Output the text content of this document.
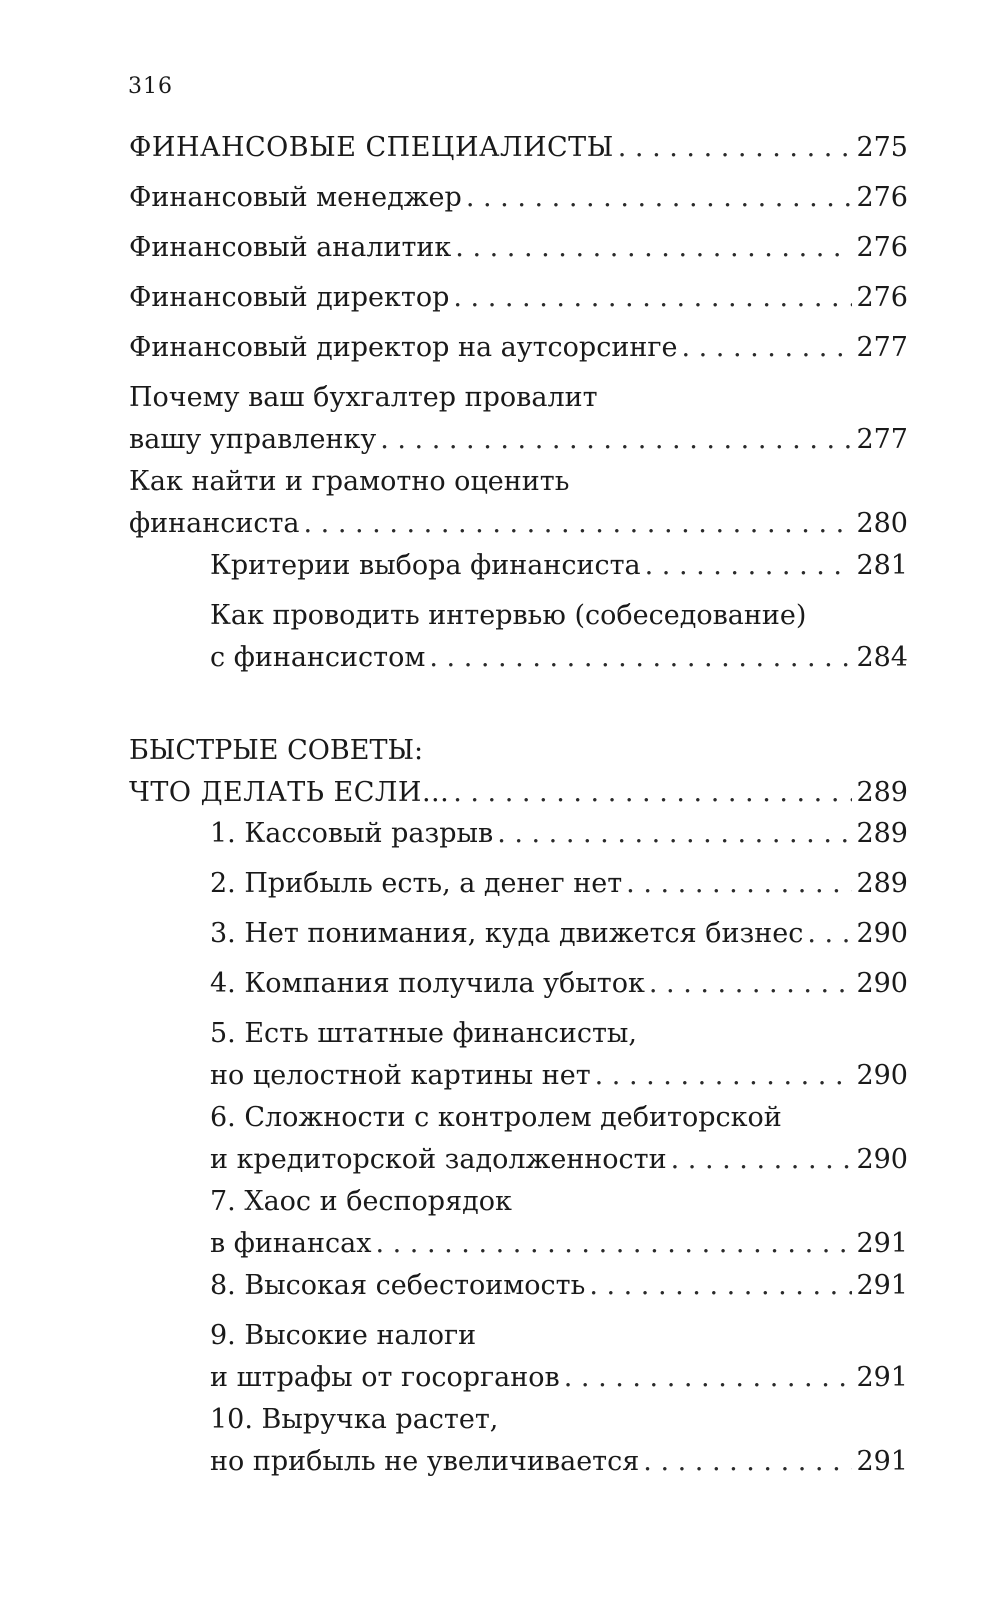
316
ФИНАНСОВЫЕ СПЕЦИАЛИСТЫ . . .	275
Финансовый менеджер . . .	276
Финансовый аналитик . . .	276
Финансовый директор . . .	276
Финансовый директор на аутсорсинге . . .	277
Почему ваш бухгалтер провалит
вашу управленку . . .	277
Как найти и грамотно оценить
финансиста . . .	280
Критерии выбора финансиста . . .	281
Как проводить интервью (собеседование)
с финансистом . . .	284
БЫСТРЫЕ СОВЕТЫ:
ЧТО ДЕЛАТЬ ЕСЛИ... . . .	289
1. Кассовый разрыв . . .	289
2. Прибыль есть, а денег нет . . .	289
3. Нет понимания, куда движется бизнес . . . 290
4. Компания получила убыток . . .	290
5. Есть штатные финансисты,
но целостной картины нет . . .	290
6. Сложности с контролем дебиторской
и кредиторской задолженности . . .	290
7. Хаос и беспорядок
в финансах . . .	291
8. Высокая себестоимость . . .	291
9. Высокие налоги
и штрафы от госорганов . . .	291
10. Выручка растет,
но прибыль не увеличивается . . .	291
